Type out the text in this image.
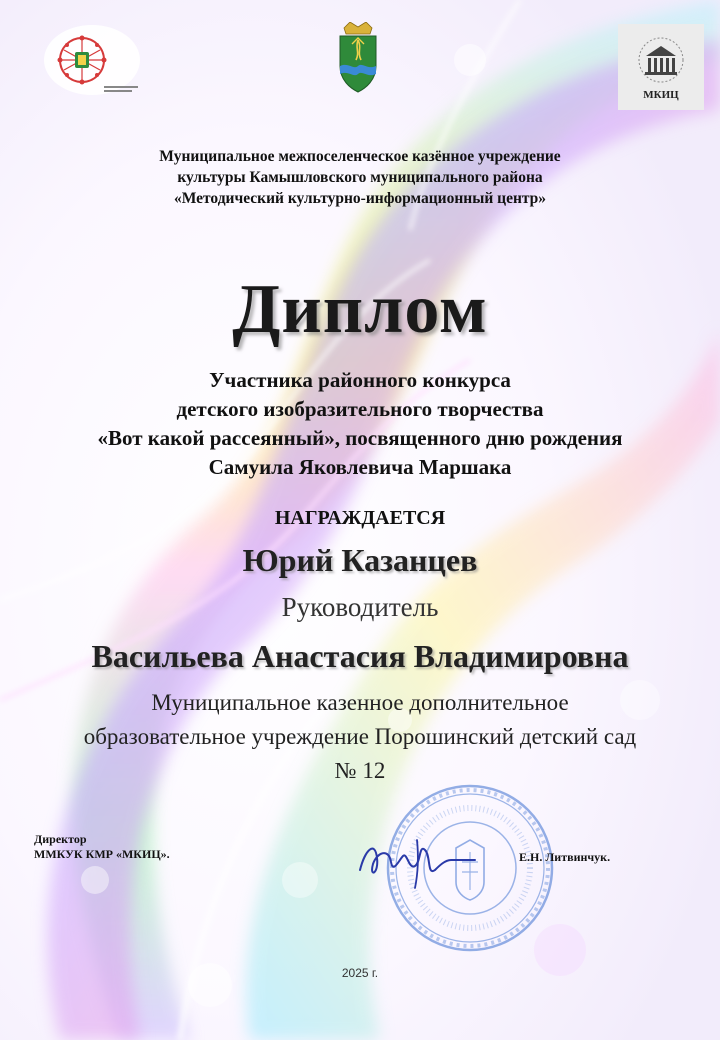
МКИЦ
Муниципальное межпоселенческое казённое учреждение
культуры Камышловского муниципального района
«Методический культурно-информационный центр»
Диплом
Участника районного конкурса
детского изобразительного творчества
«Вот какой рассеянный», посвященного дню рождения
Самуила Яковлевича Маршака
НАГРАЖДАЕТСЯ
Юрий Казанцев
Руководитель
Васильева Анастасия Владимировна
Муниципальное казенное дополнительное
образовательное учреждение Порошинский детский сад
№ 12
Директор
ММКУК КМР «МКИЦ».	Е.Н. Литвинчук.
2025 г.
